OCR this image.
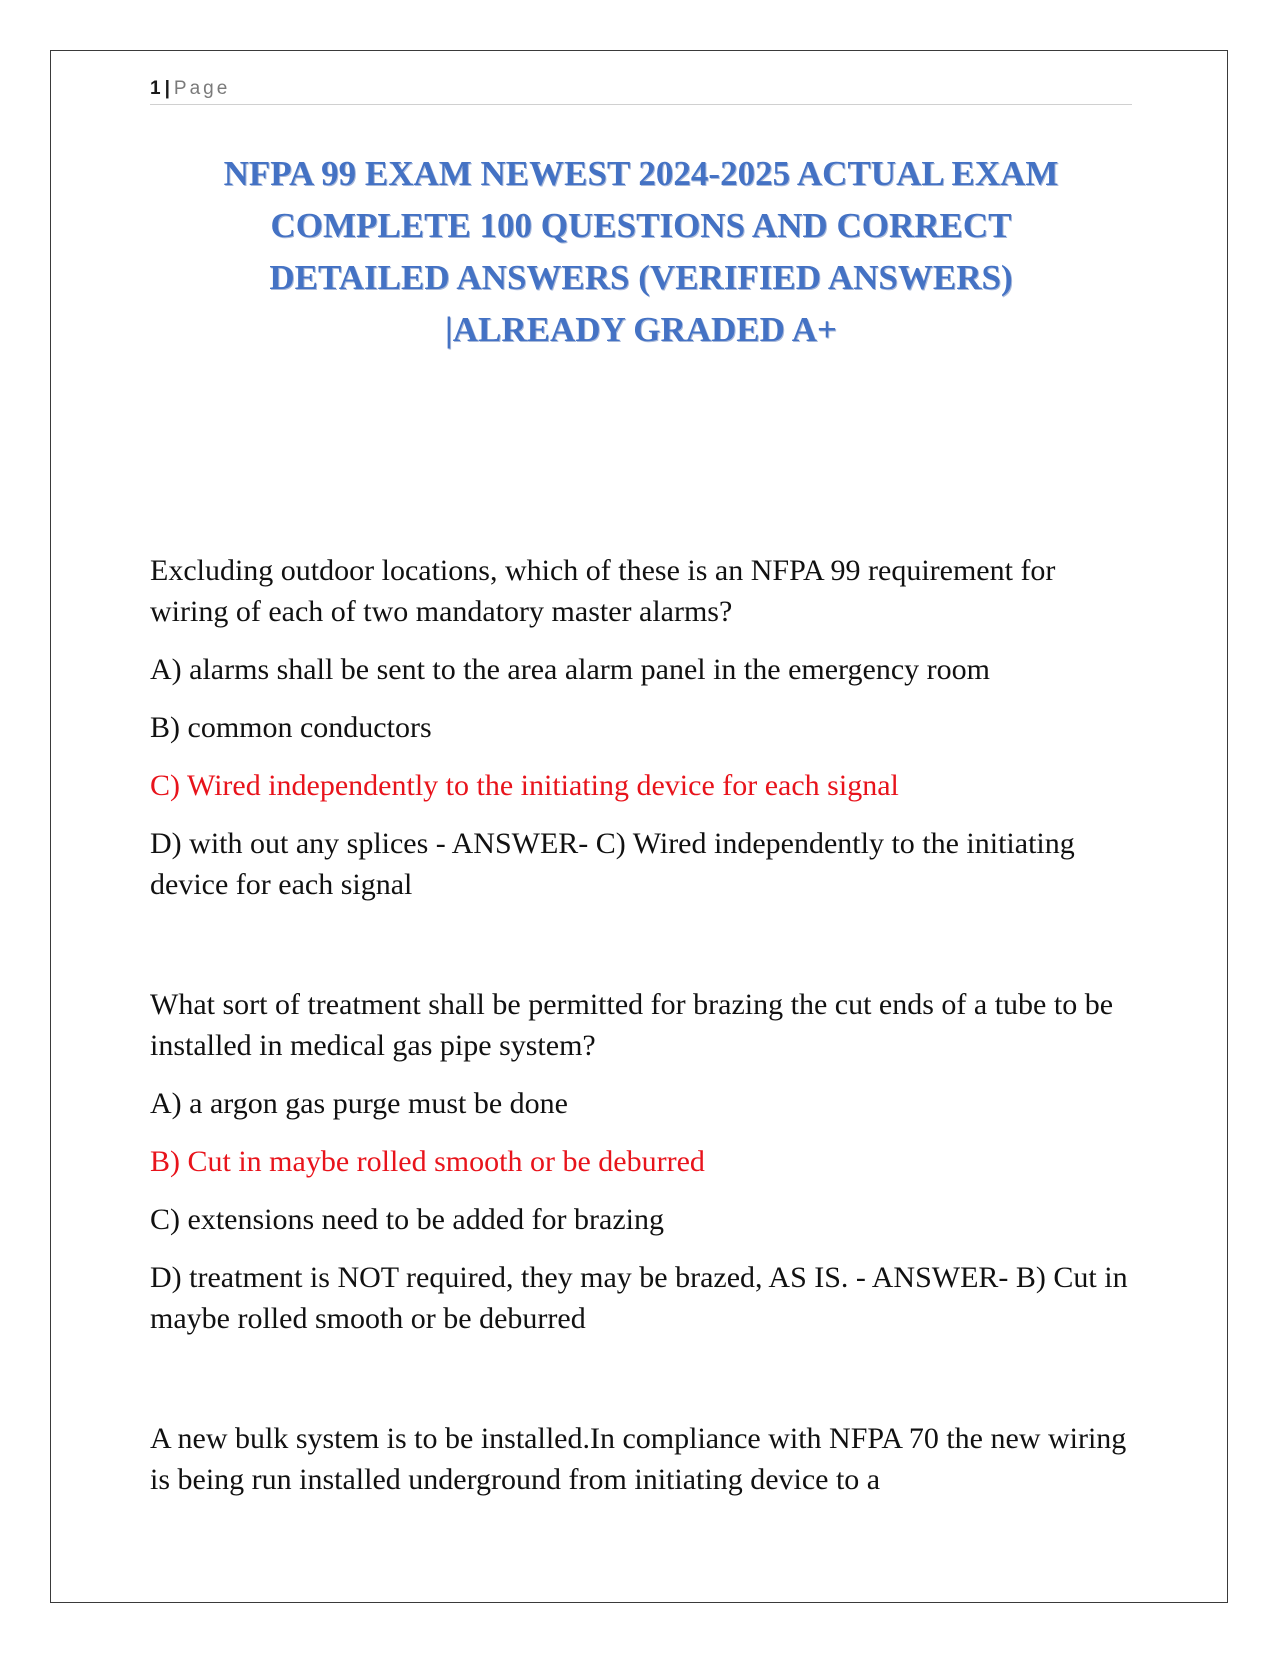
1 | Page
NFPA 99 EXAM NEWEST 2024-2025 ACTUAL EXAM
COMPLETE 100 QUESTIONS AND CORRECT
DETAILED ANSWERS (VERIFIED ANSWERS)
|ALREADY GRADED A+

Excluding outdoor locations, which of these is an NFPA 99 requirement for wiring of each of two mandatory master alarms?

A) alarms shall be sent to the area alarm panel in the emergency room

B) common conductors

C) Wired independently to the initiating device for each signal

D) with out any splices - ANSWER- C) Wired independently to the initiating device for each signal

What sort of treatment shall be permitted for brazing the cut ends of a tube to be installed in medical gas pipe system?

A) a argon gas purge must be done

B) Cut in maybe rolled smooth or be deburred

C) extensions need to be added for brazing

D) treatment is NOT required, they may be brazed, AS IS. - ANSWER- B) Cut in maybe rolled smooth or be deburred

A new bulk system is to be installed.In compliance with NFPA 70 the new wiring is being run installed underground from initiating device to a
